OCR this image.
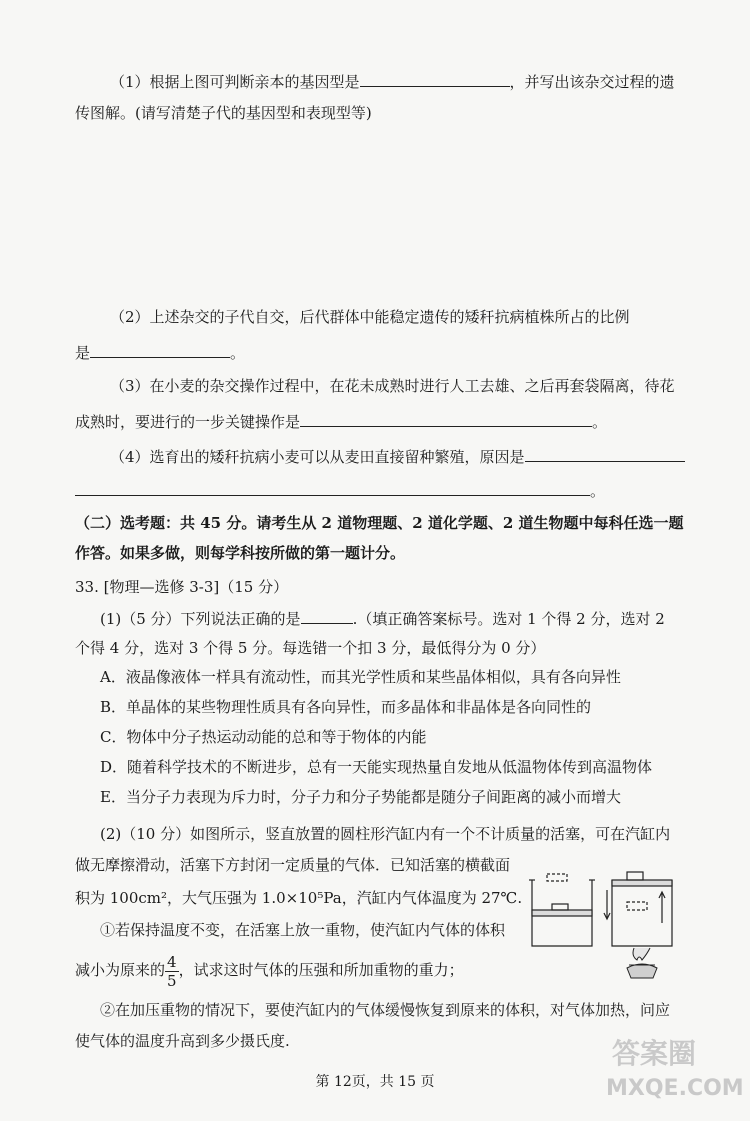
（1）根据上图可判断亲本的基因型是	，并写出该杂交过程的遗
传图解。(请写清楚子代的基因型和表现型等)
（2）上述杂交的子代自交，后代群体中能稳定遗传的矮秆抗病植株所占的比例
是	。
（3）在小麦的杂交操作过程中，在花未成熟时进行人工去雄、之后再套袋隔离，待花
成熟时，要进行的一步关键操作是	。
（4）选育出的矮秆抗病小麦可以从麦田直接留种繁殖，原因是
。
（二）选考题：共 45 分。请考生从 2 道物理题、2 道化学题、2 道生物题中每科任选一题
作答。如果多做，则每学科按所做的第一题计分。
33. [物理—选修 3-3]（15 分）
(1)（5 分）下列说法正确的是	.（填正确答案标号。选对 1 个得 2 分，选对 2
个得 4 分，选对 3 个得 5 分。每选错一个扣 3 分，最低得分为 0 分）
A．液晶像液体一样具有流动性，而其光学性质和某些晶体相似，具有各向异性
B．单晶体的某些物理性质具有各向异性，而多晶体和非晶体是各向同性的
C．物体中分子热运动动能的总和等于物体的内能
D．随着科学技术的不断进步，总有一天能实现热量自发地从低温物体传到高温物体
E．当分子力表现为斥力时，分子力和分子势能都是随分子间距离的减小而增大
(2)（10 分）如图所示，竖直放置的圆柱形汽缸内有一个不计质量的活塞，可在汽缸内
做无摩擦滑动，活塞下方封闭一定质量的气体．已知活塞的横截面
积为 100cm²，大气压强为 1.0×10⁵Pa，汽缸内气体温度为 27℃.
①若保持温度不变，在活塞上放一重物，使汽缸内气体的体积
减小为原来的 $\frac{4}{5}$ ，试求这时气体的压强和所加重物的重力；
②在加压重物的情况下，要使汽缸内的气体缓慢恢复到原来的体积，对气体加热，问应
使气体的温度升高到多少摄氏度.
第 12页，共 15 页
答案圈
MXQE.COM
